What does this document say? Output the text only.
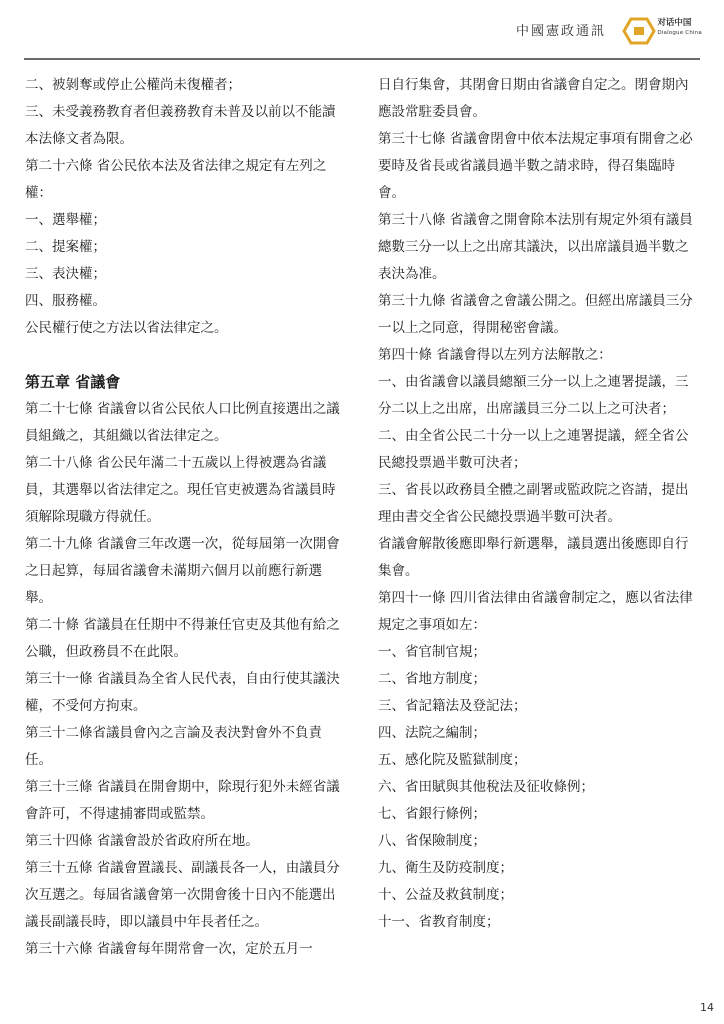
中國憲政通訊
对话中国
Dialogue China

二、被剝奪或停止公權尚未復權者；

三、未受義務教育者但義務教育未普及以前以不能讀本法條文者為限。

第二十六條 省公民依本法及省法律之規定有左列之權：

一、選舉權；

二、提案權；

三、表決權；

四、服務權。

公民權行使之方法以省法律定之。

第五章 省議會

第二十七條 省議會以省公民依人口比例直接選出之議員組織之，其組織以省法律定之。

第二十八條 省公民年滿二十五歲以上得被選為省議員，其選舉以省法律定之。現任官吏被選為省議員時須解除現職方得就任。

第二十九條 省議會三年改選一次，從每屆第一次開會之日起算，每屆省議會未滿期六個月以前應行新選舉。

第二十條 省議員在任期中不得兼任官吏及其他有給之公職，但政務員不在此限。

第三十一條 省議員為全省人民代表，自由行使其議決權，不受何方拘束。

第三十二條省議員會內之言論及表決對會外不負責任。

第三十三條 省議員在開會期中，除現行犯外未經省議會許可，不得逮捕審問或監禁。

第三十四條 省議會設於省政府所在地。

第三十五條 省議會置議長、副議長各一人，由議員分次互選之。每屆省議會第一次開會後十日內不能選出議長副議長時，即以議員中年長者任之。

第三十六條 省議會每年開常會一次，定於五月一

日自行集會，其閉會日期由省議會自定之。閉會期內應設常駐委員會。

第三十七條 省議會閉會中依本法規定事項有開會之必要時及省長或省議員過半數之請求時，得召集臨時會。

第三十八條 省議會之開會除本法別有規定外須有議員總數三分一以上之出席其議決，以出席議員過半數之表決為准。

第三十九條 省議會之會議公開之。但經出席議員三分一以上之同意，得開秘密會議。

第四十條 省議會得以左列方法解散之：

一、由省議會以議員總額三分一以上之連署提議，三分二以上之出席，出席議員三分二以上之可決者；

二、由全省公民二十分一以上之連署提議，經全省公民總投票過半數可決者；

三、省長以政務員全體之副署或監政院之咨請，提出理由書交全省公民總投票過半數可決者。

省議會解散後應即舉行新選舉，議員選出後應即自行集會。

第四十一條 四川省法律由省議會制定之，應以省法律規定之事項如左：

一、省官制官規；

二、省地方制度；

三、省記籍法及登記法；

四、法院之編制；

五、感化院及監獄制度；

六、省田賦與其他稅法及征收條例；

七、省銀行條例；

八、省保險制度；

九、衛生及防疫制度；

十、公益及救貧制度；

十一、省教育制度；

14
